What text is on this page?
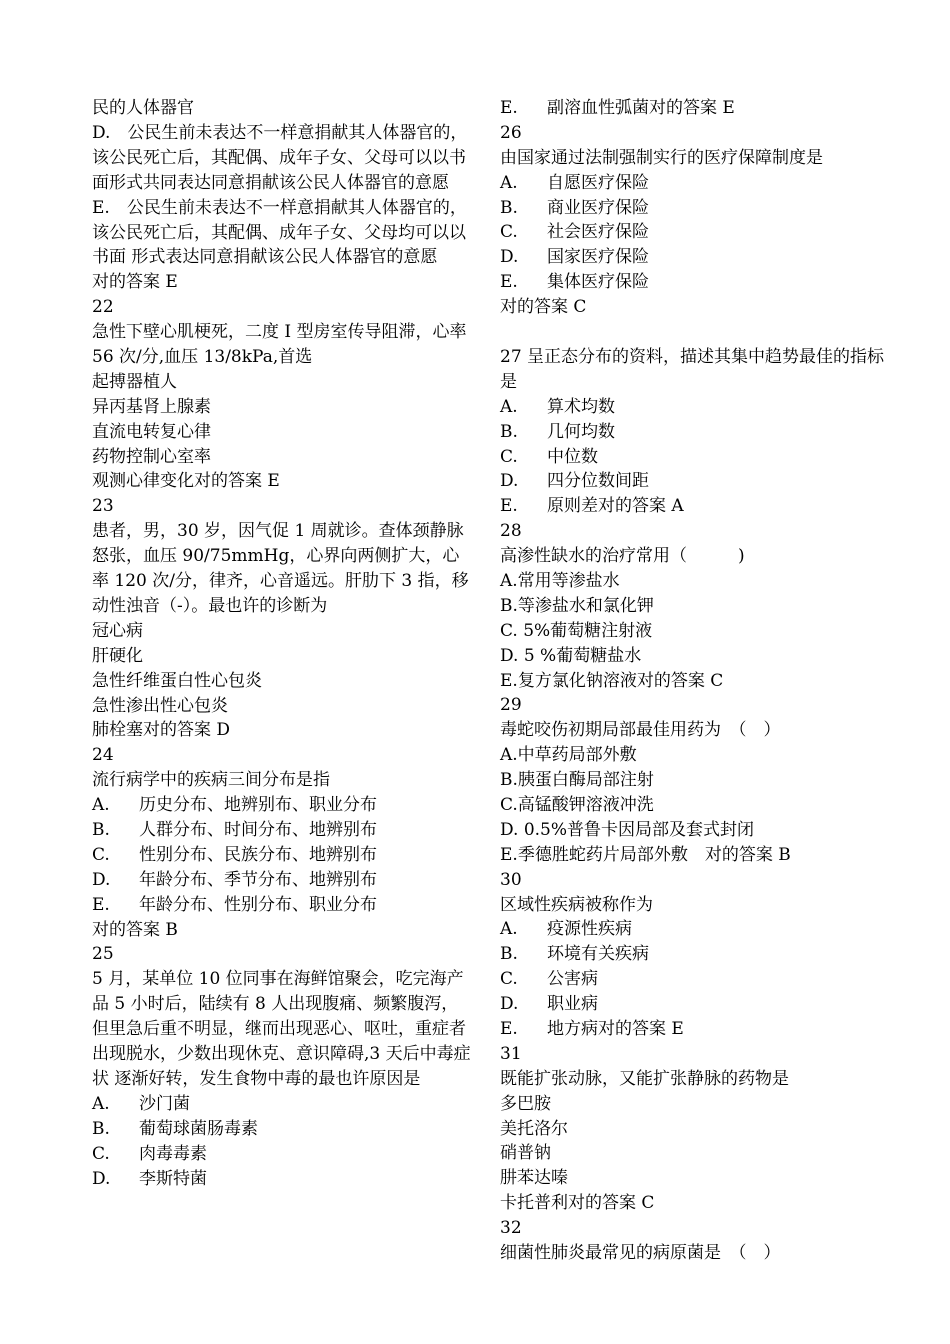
民的人体器官
D.　公民生前未表达不一样意捐献其人体器官的，该公民死亡后，其配偶、成年子女、父母可以以书面形式共同表达同意捐献该公民人体器官的意愿
E.　公民生前未表达不一样意捐献其人体器官的，该公民死亡后，其配偶、成年子女、父母均可以以书面 形式表达同意捐献该公民人体器官的意愿
对的答案 E
22
急性下壁心肌梗死，二度 I 型房室传导阻滞，心率 56 次/分,血压 13/8kPa,首选
起搏器植人
异丙基肾上腺素
直流电转复心律
药物控制心室率
观测心律变化对的答案 E
23
患者，男，30 岁，因气促 1 周就诊。查体颈静脉怒张，血压 90/75mmHg，心界向两侧扩大，心率 120 次/分，律齐，心音遥远。肝肋下 3 指，移动性浊音（-）。最也许的诊断为
冠心病
肝硬化
急性纤维蛋白性心包炎
急性渗出性心包炎
肺栓塞对的答案 D
24
流行病学中的疾病三间分布是指
A. 历史分布、地辨别布、职业分布
B. 人群分布、时间分布、地辨别布
C. 性别分布、民族分布、地辨别布
D. 年龄分布、季节分布、地辨别布
E. 年龄分布、性别分布、职业分布
对的答案 B
25
5 月，某单位 10 位同事在海鲜馆聚会，吃完海产品 5 小时后，陆续有 8 人出现腹痛、频繁腹泻， 但里急后重不明显，继而出现恶心、呕吐，重症者出现脱水，少数出现休克、意识障碍,3 天后中毒症状 逐渐好转，发生食物中毒的最也许原因是
A. 沙门菌
B. 葡萄球菌肠毒素
C. 肉毒毒素
D. 李斯特菌
E. 副溶血性弧菌对的答案 E
26
由国家通过法制强制实行的医疗保障制度是
A. 自愿医疗保险
B. 商业医疗保险
C. 社会医疗保险
D. 国家医疗保险
E. 集体医疗保险
对的答案 C
27 呈正态分布的资料，描述其集中趋势最佳的指标是
A. 算术均数
B. 几何均数
C. 中位数
D. 四分位数间距
E. 原则差对的答案 A
28
高渗性缺水的治疗常用（　　　)
A.常用等渗盐水
B.等渗盐水和氯化钾
C. 5%葡萄糖注射液
D. 5 %葡萄糖盐水
E.复方氯化钠溶液对的答案 C
29
毒蛇咬伤初期局部最佳用药为　（　）
A.中草药局部外敷
B.胰蛋白酶局部注射
C.高锰酸钾溶液冲洗
D. 0.5%普鲁卡因局部及套式封闭
E.季德胜蛇药片局部外敷　对的答案 B
30
区域性疾病被称作为
A. 疫源性疾病
B. 环境有关疾病
C. 公害病
D. 职业病
E. 地方病对的答案 E
31
既能扩张动脉，又能扩张静脉的药物是
多巴胺
美托洛尔
硝普钠
肼苯达嗪
卡托普利对的答案 C
32
细菌性肺炎最常见的病原菌是　（　）
